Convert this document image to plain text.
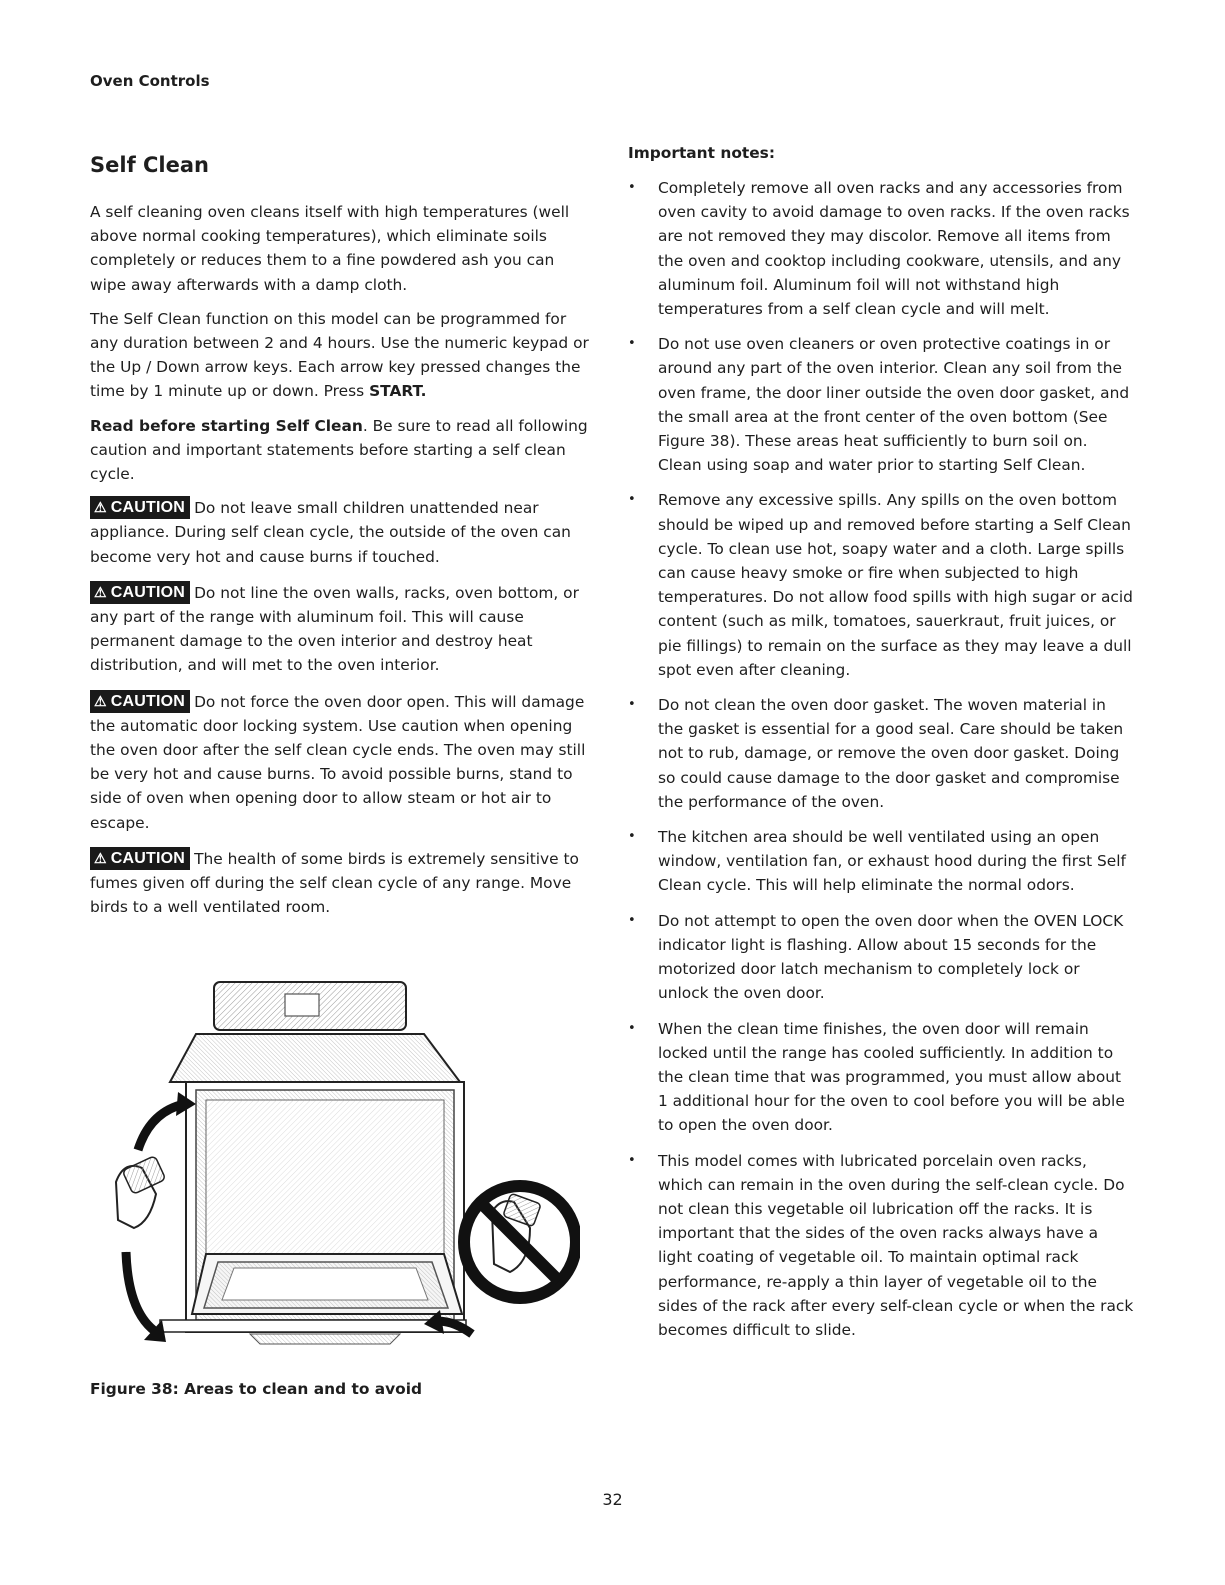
Oven Controls
Self Clean

A self cleaning oven cleans itself with high temperatures (well above normal cooking temperatures), which eliminate soils completely or reduces them to a fine powdered ash you can wipe away afterwards with a damp cloth.

The Self Clean function on this model can be programmed for any duration between 2 and 4 hours. Use the numeric keypad or the Up / Down arrow keys. Each arrow key pressed changes the time by 1 minute up or down. Press START.

Read before starting Self Clean. Be sure to read all following caution and important statements before starting a self clean cycle.

⚠ CAUTION Do not leave small children unattended near appliance. During self clean cycle, the outside of the oven can become very hot and cause burns if touched.

⚠ CAUTION Do not line the oven walls, racks, oven bottom, or any part of the range with aluminum foil. This will cause permanent damage to the oven interior and destroy heat distribution, and will met to the oven interior.

⚠ CAUTION Do not force the oven door open. This will damage the automatic door locking system. Use caution when opening the oven door after the self clean cycle ends. The oven may still be very hot and cause burns. To avoid possible burns, stand to side of oven when opening door to allow steam or hot air to escape.

⚠ CAUTION The health of some birds is extremely sensitive to fumes given off during the self clean cycle of any range. Move birds to a well ventilated room.

Figure 38: Areas to clean and to avoid
Important notes:
• Completely remove all oven racks and any accessories from oven cavity to avoid damage to oven racks. If the oven racks are not removed they may discolor. Remove all items from the oven and cooktop including cookware, utensils, and any aluminum foil. Aluminum foil will not withstand high temperatures from a self clean cycle and will melt.
• Do not use oven cleaners or oven protective coatings in or around any part of the oven interior. Clean any soil from the oven frame, the door liner outside the oven door gasket, and the small area at the front center of the oven bottom (See Figure 38). These areas heat sufficiently to burn soil on. Clean using soap and water prior to starting Self Clean.
• Remove any excessive spills. Any spills on the oven bottom should be wiped up and removed before starting a Self Clean cycle. To clean use hot, soapy water and a cloth. Large spills can cause heavy smoke or fire when subjected to high temperatures. Do not allow food spills with high sugar or acid content (such as milk, tomatoes, sauerkraut, fruit juices, or pie fillings) to remain on the surface as they may leave a dull spot even after cleaning.
• Do not clean the oven door gasket. The woven material in the gasket is essential for a good seal. Care should be taken not to rub, damage, or remove the oven door gasket. Doing so could cause damage to the door gasket and compromise the performance of the oven.
• The kitchen area should be well ventilated using an open window, ventilation fan, or exhaust hood during the first Self Clean cycle. This will help eliminate the normal odors.
• Do not attempt to open the oven door when the OVEN LOCK indicator light is flashing. Allow about 15 seconds for the motorized door latch mechanism to completely lock or unlock the oven door.
• When the clean time finishes, the oven door will remain locked until the range has cooled sufficiently. In addition to the clean time that was programmed, you must allow about 1 additional hour for the oven to cool before you will be able to open the oven door.
• This model comes with lubricated porcelain oven racks, which can remain in the oven during the self-clean cycle. Do not clean this vegetable oil lubrication off the racks. It is important that the sides of the oven racks always have a light coating of vegetable oil. To maintain optimal rack performance, re-apply a thin layer of vegetable oil to the sides of the rack after every self-clean cycle or when the rack becomes difficult to slide.
32
